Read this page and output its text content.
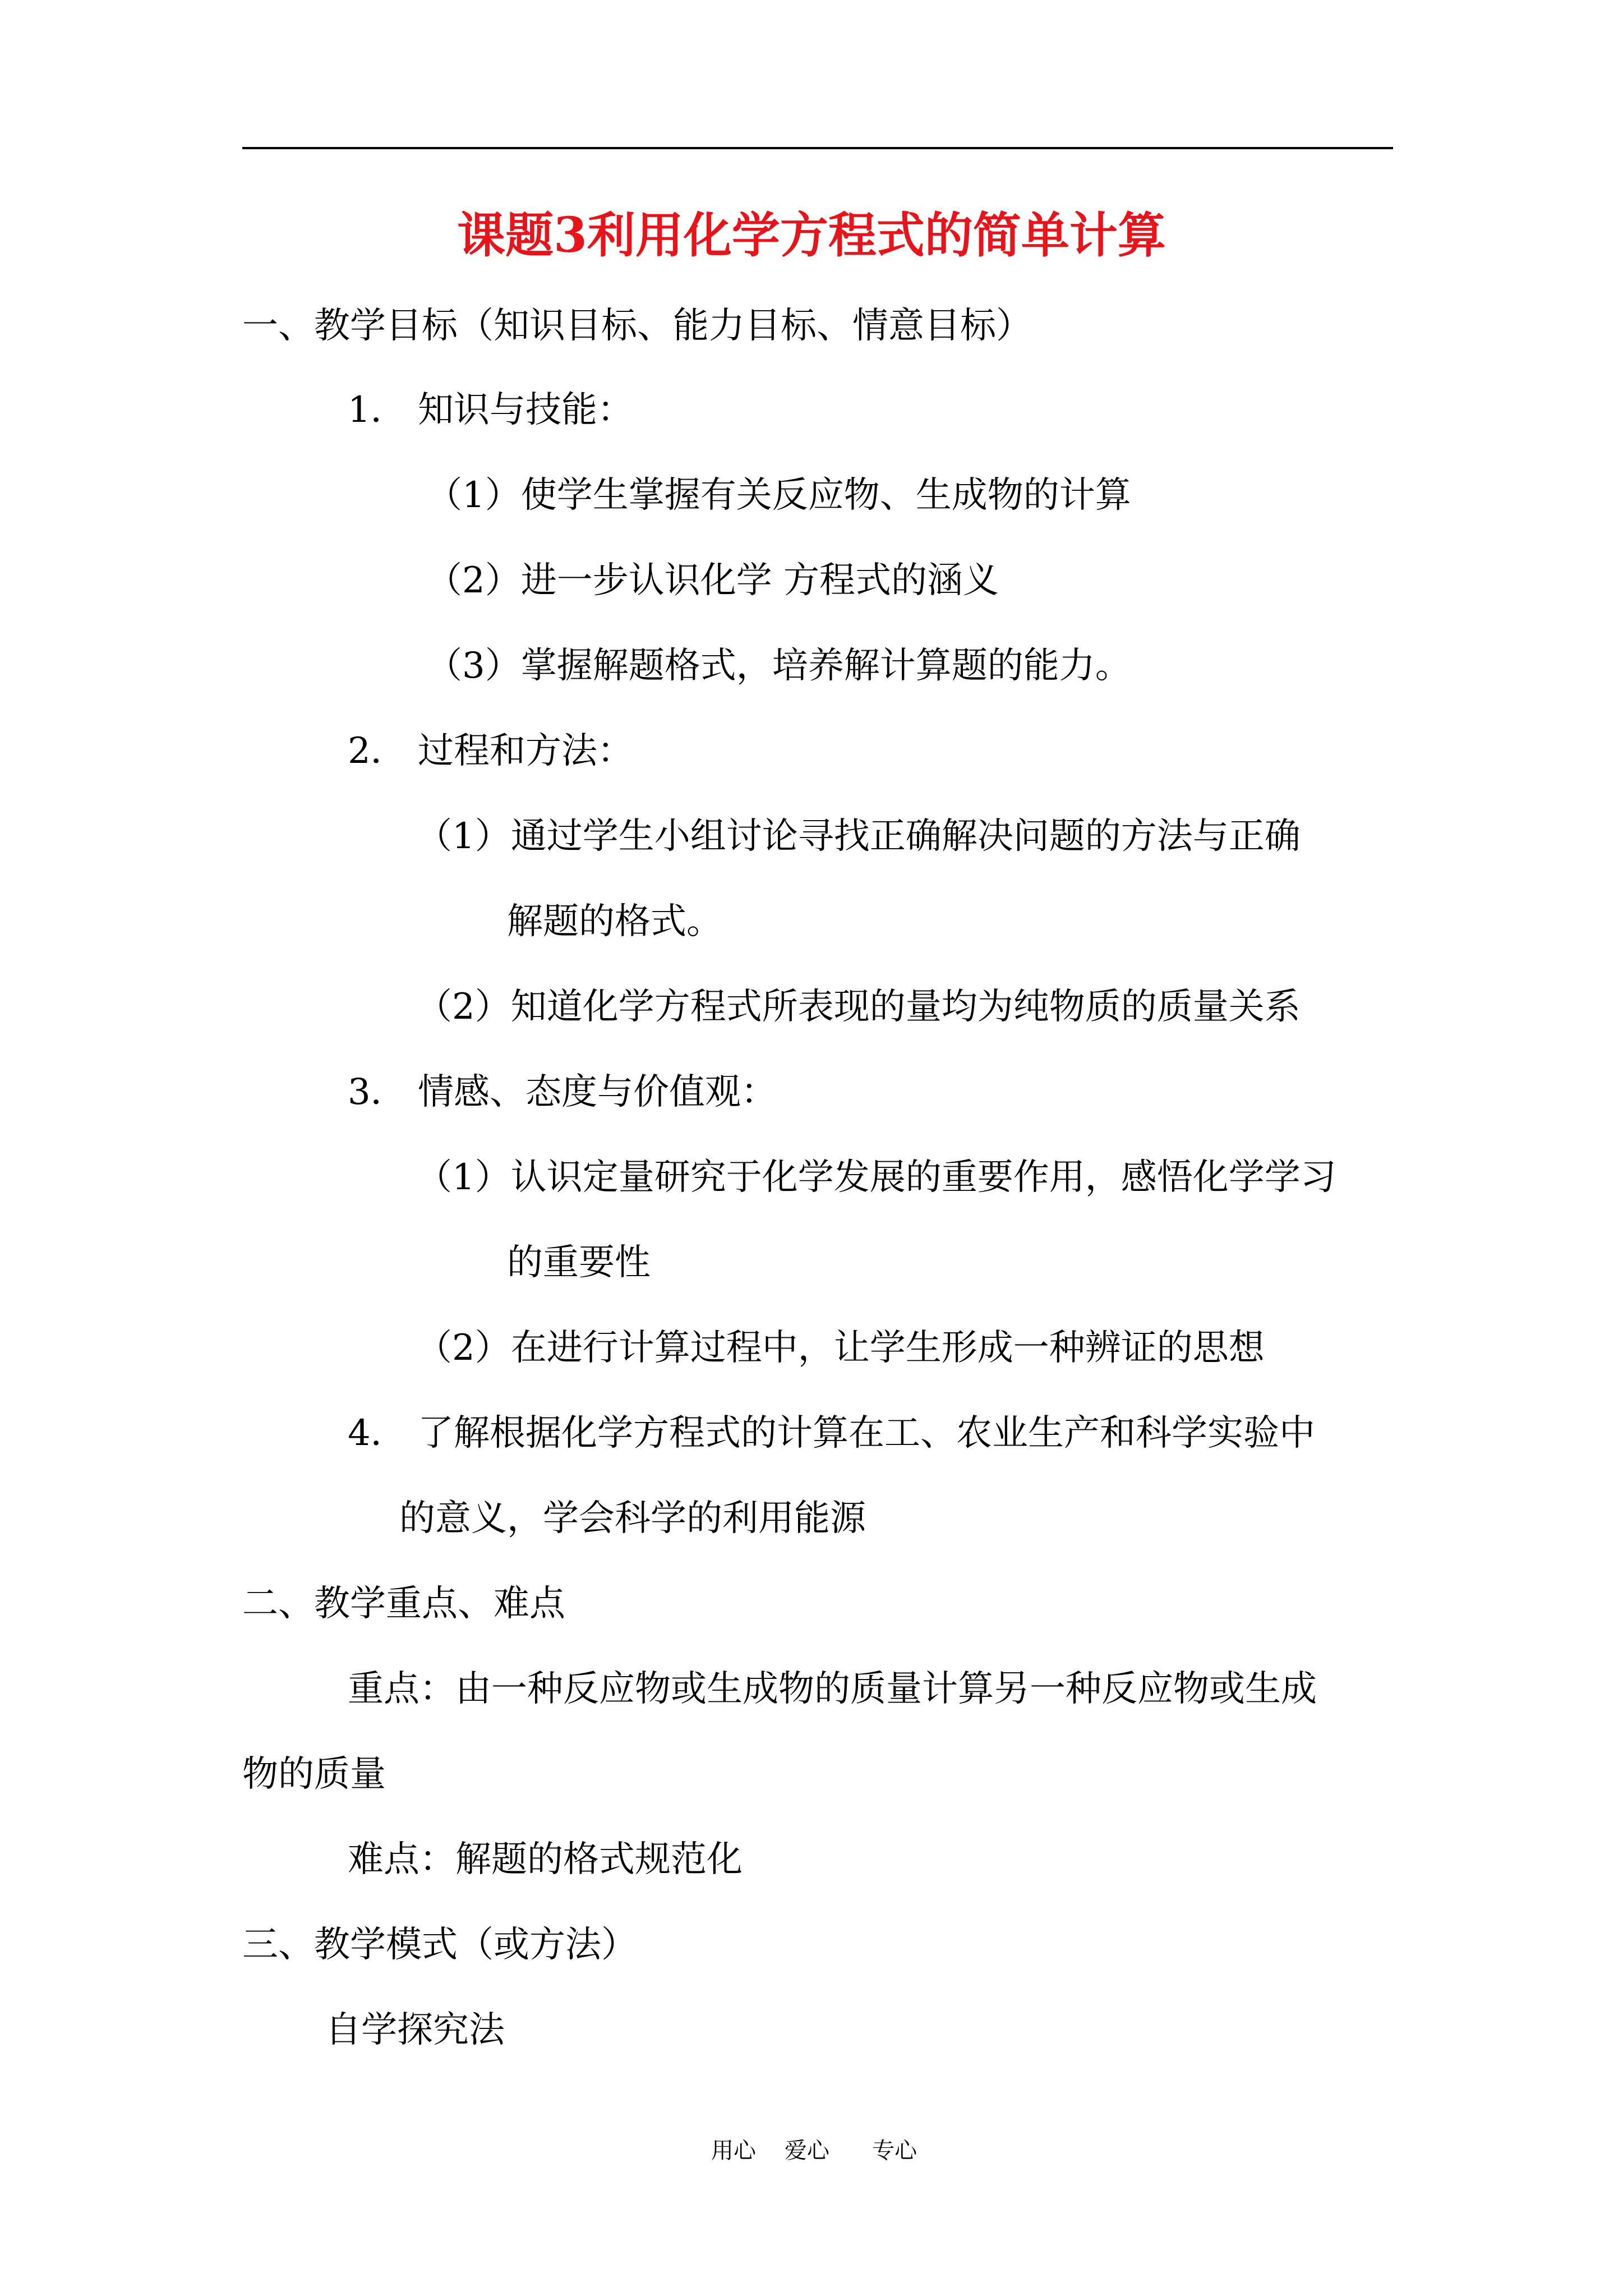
课题3利用化学方程式的简单计算
一、教学目标（知识目标、能力目标、情意目标）
1． 知识与技能：
（1）使学生掌握有关反应物、生成物的计算
（2）进一步认识化学 方程式的涵义
（3）掌握解题格式，培养解计算题的能力。
2． 过程和方法：
（1）通过学生小组讨论寻找正确解决问题的方法与正确
解题的格式。
（2）知道化学方程式所表现的量均为纯物质的质量关系
3． 情感、态度与价值观：
（1）认识定量研究于化学发展的重要作用，感悟化学学习
的重要性
（2）在进行计算过程中，让学生形成一种辨证的思想
4． 了解根据化学方程式的计算在工、农业生产和科学实验中
的意义，学会科学的利用能源
二、教学重点、难点
重点：由一种反应物或生成物的质量计算另一种反应物或生成
物的质量
难点：解题的格式规范化
三、教学模式（或方法）
自学探究法
用心    爱心      专心
